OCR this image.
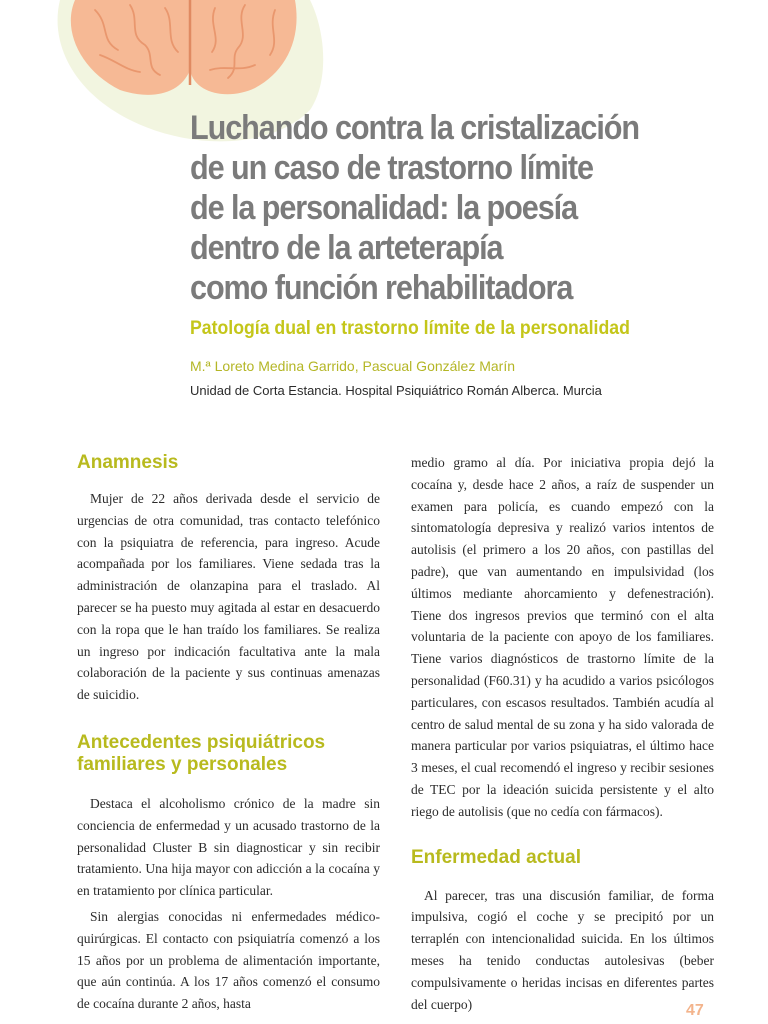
Luchando contra la cristalización
de un caso de trastorno límite
de la personalidad: la poesía
dentro de la arteterapía
como función rehabilitadora
Patología dual en trastorno límite de la personalidad
M.ª Loreto Medina Garrido, Pascual González Marín
Unidad de Corta Estancia. Hospital Psiquiátrico Román Alberca. Murcia
Anamnesis

Mujer de 22 años derivada desde el servicio de urgencias de otra comunidad, tras contacto telefónico con la psiquiatra de referencia, para ingreso. Acude acompañada por los familiares. Viene sedada tras la administración de olanzapina para el traslado. Al parecer se ha puesto muy agitada al estar en desacuerdo con la ropa que le han traído los familiares. Se realiza un ingreso por indicación facultativa ante la mala colaboración de la paciente y sus continuas amenazas de suicidio.

Antecedentes psiquiátricos
familiares y personales

Destaca el alcoholismo crónico de la madre sin conciencia de enfermedad y un acusado trastorno de la personalidad Cluster B sin diagnosticar y sin recibir tratamiento. Una hija mayor con adicción a la cocaína y en tratamiento por clínica particular.

Sin alergias conocidas ni enfermedades médico-quirúrgicas. El contacto con psiquiatría comenzó a los 15 años por un problema de alimentación importante, que aún continúa. A los 17 años comenzó el consumo de cocaína durante 2 años, hasta

medio gramo al día. Por iniciativa propia dejó la cocaína y, desde hace 2 años, a raíz de suspender un examen para policía, es cuando empezó con la sintomatología depresiva y realizó varios intentos de autolisis (el primero a los 20 años, con pastillas del padre), que van aumentando en impulsividad (los últimos mediante ahorcamiento y defenestración). Tiene dos ingresos previos que terminó con el alta voluntaria de la paciente con apoyo de los familiares. Tiene varios diagnósticos de trastorno límite de la personalidad (F60.31) y ha acudido a varios psicólogos particulares, con escasos resultados. También acudía al centro de salud mental de su zona y ha sido valorada de manera particular por varios psiquiatras, el último hace 3 meses, el cual recomendó el ingreso y recibir sesiones de TEC por la ideación suicida persistente y el alto riego de autolisis (que no cedía con fármacos).

Enfermedad actual

Al parecer, tras una discusión familiar, de forma impulsiva, cogió el coche y se precipitó por un terraplén con intencionalidad suicida. En los últimos meses ha tenido conductas autolesivas (beber compulsivamente o heridas incisas en diferentes partes del cuerpo)	47
